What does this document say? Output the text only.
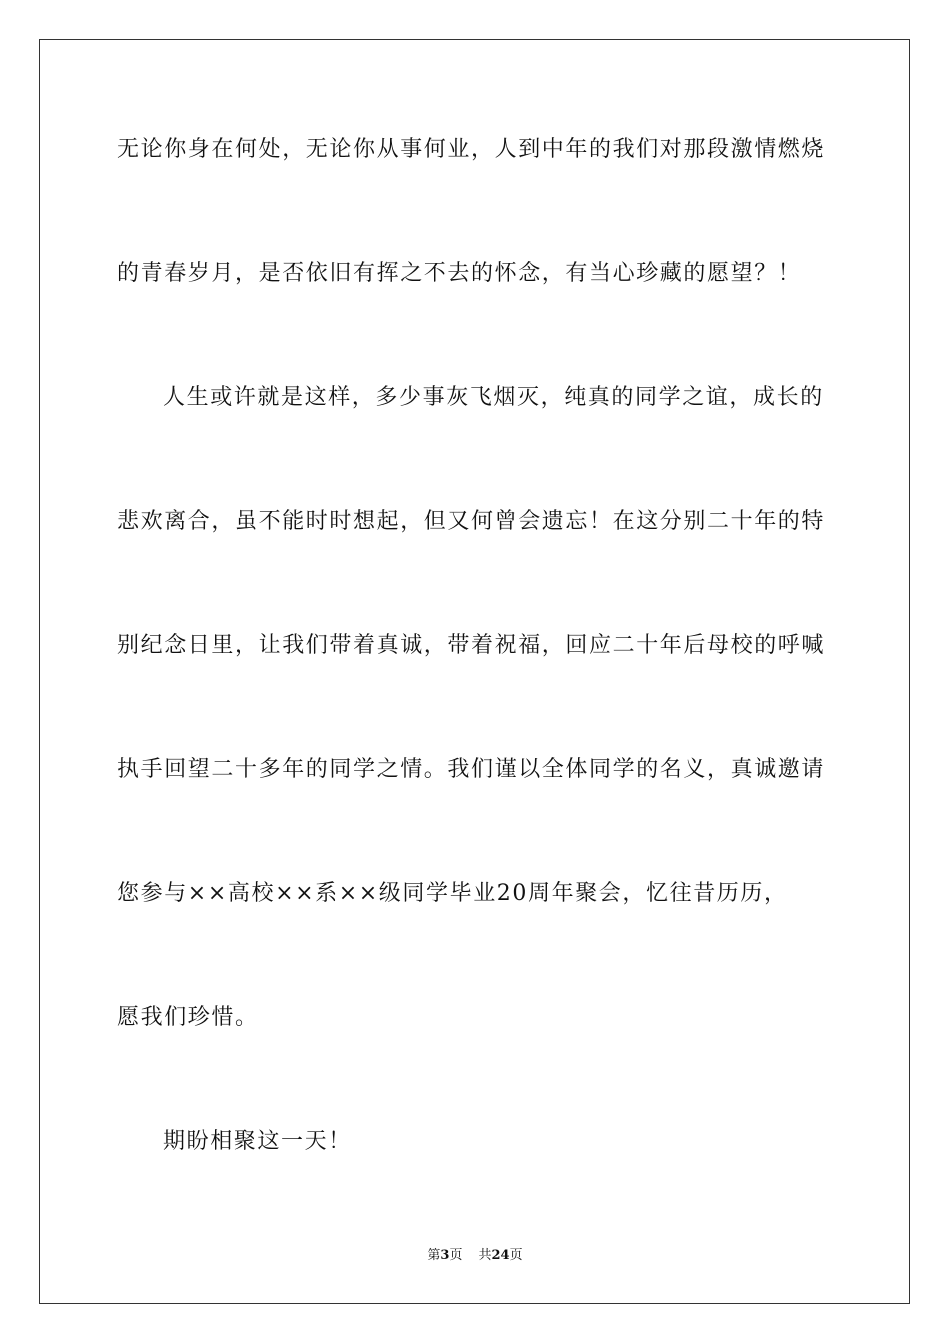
无论你身在何处，无论你从事何业，人到中年的我们对那段激情燃烧
的青春岁月，是否依旧有挥之不去的怀念，有当心珍藏的愿望？！
人生或许就是这样，多少事灰飞烟灭，纯真的同学之谊，成长的
悲欢离合，虽不能时时想起，但又何曾会遗忘！在这分别二十年的特
别纪念日里，让我们带着真诚，带着祝福，回应二十年后母校的呼喊
执手回望二十多年的同学之情。我们谨以全体同学的名义，真诚邀请
您参与××高校××系××级同学毕业20周年聚会，忆往昔历历，
愿我们珍惜。
期盼相聚这一天！
第3页 共24页
